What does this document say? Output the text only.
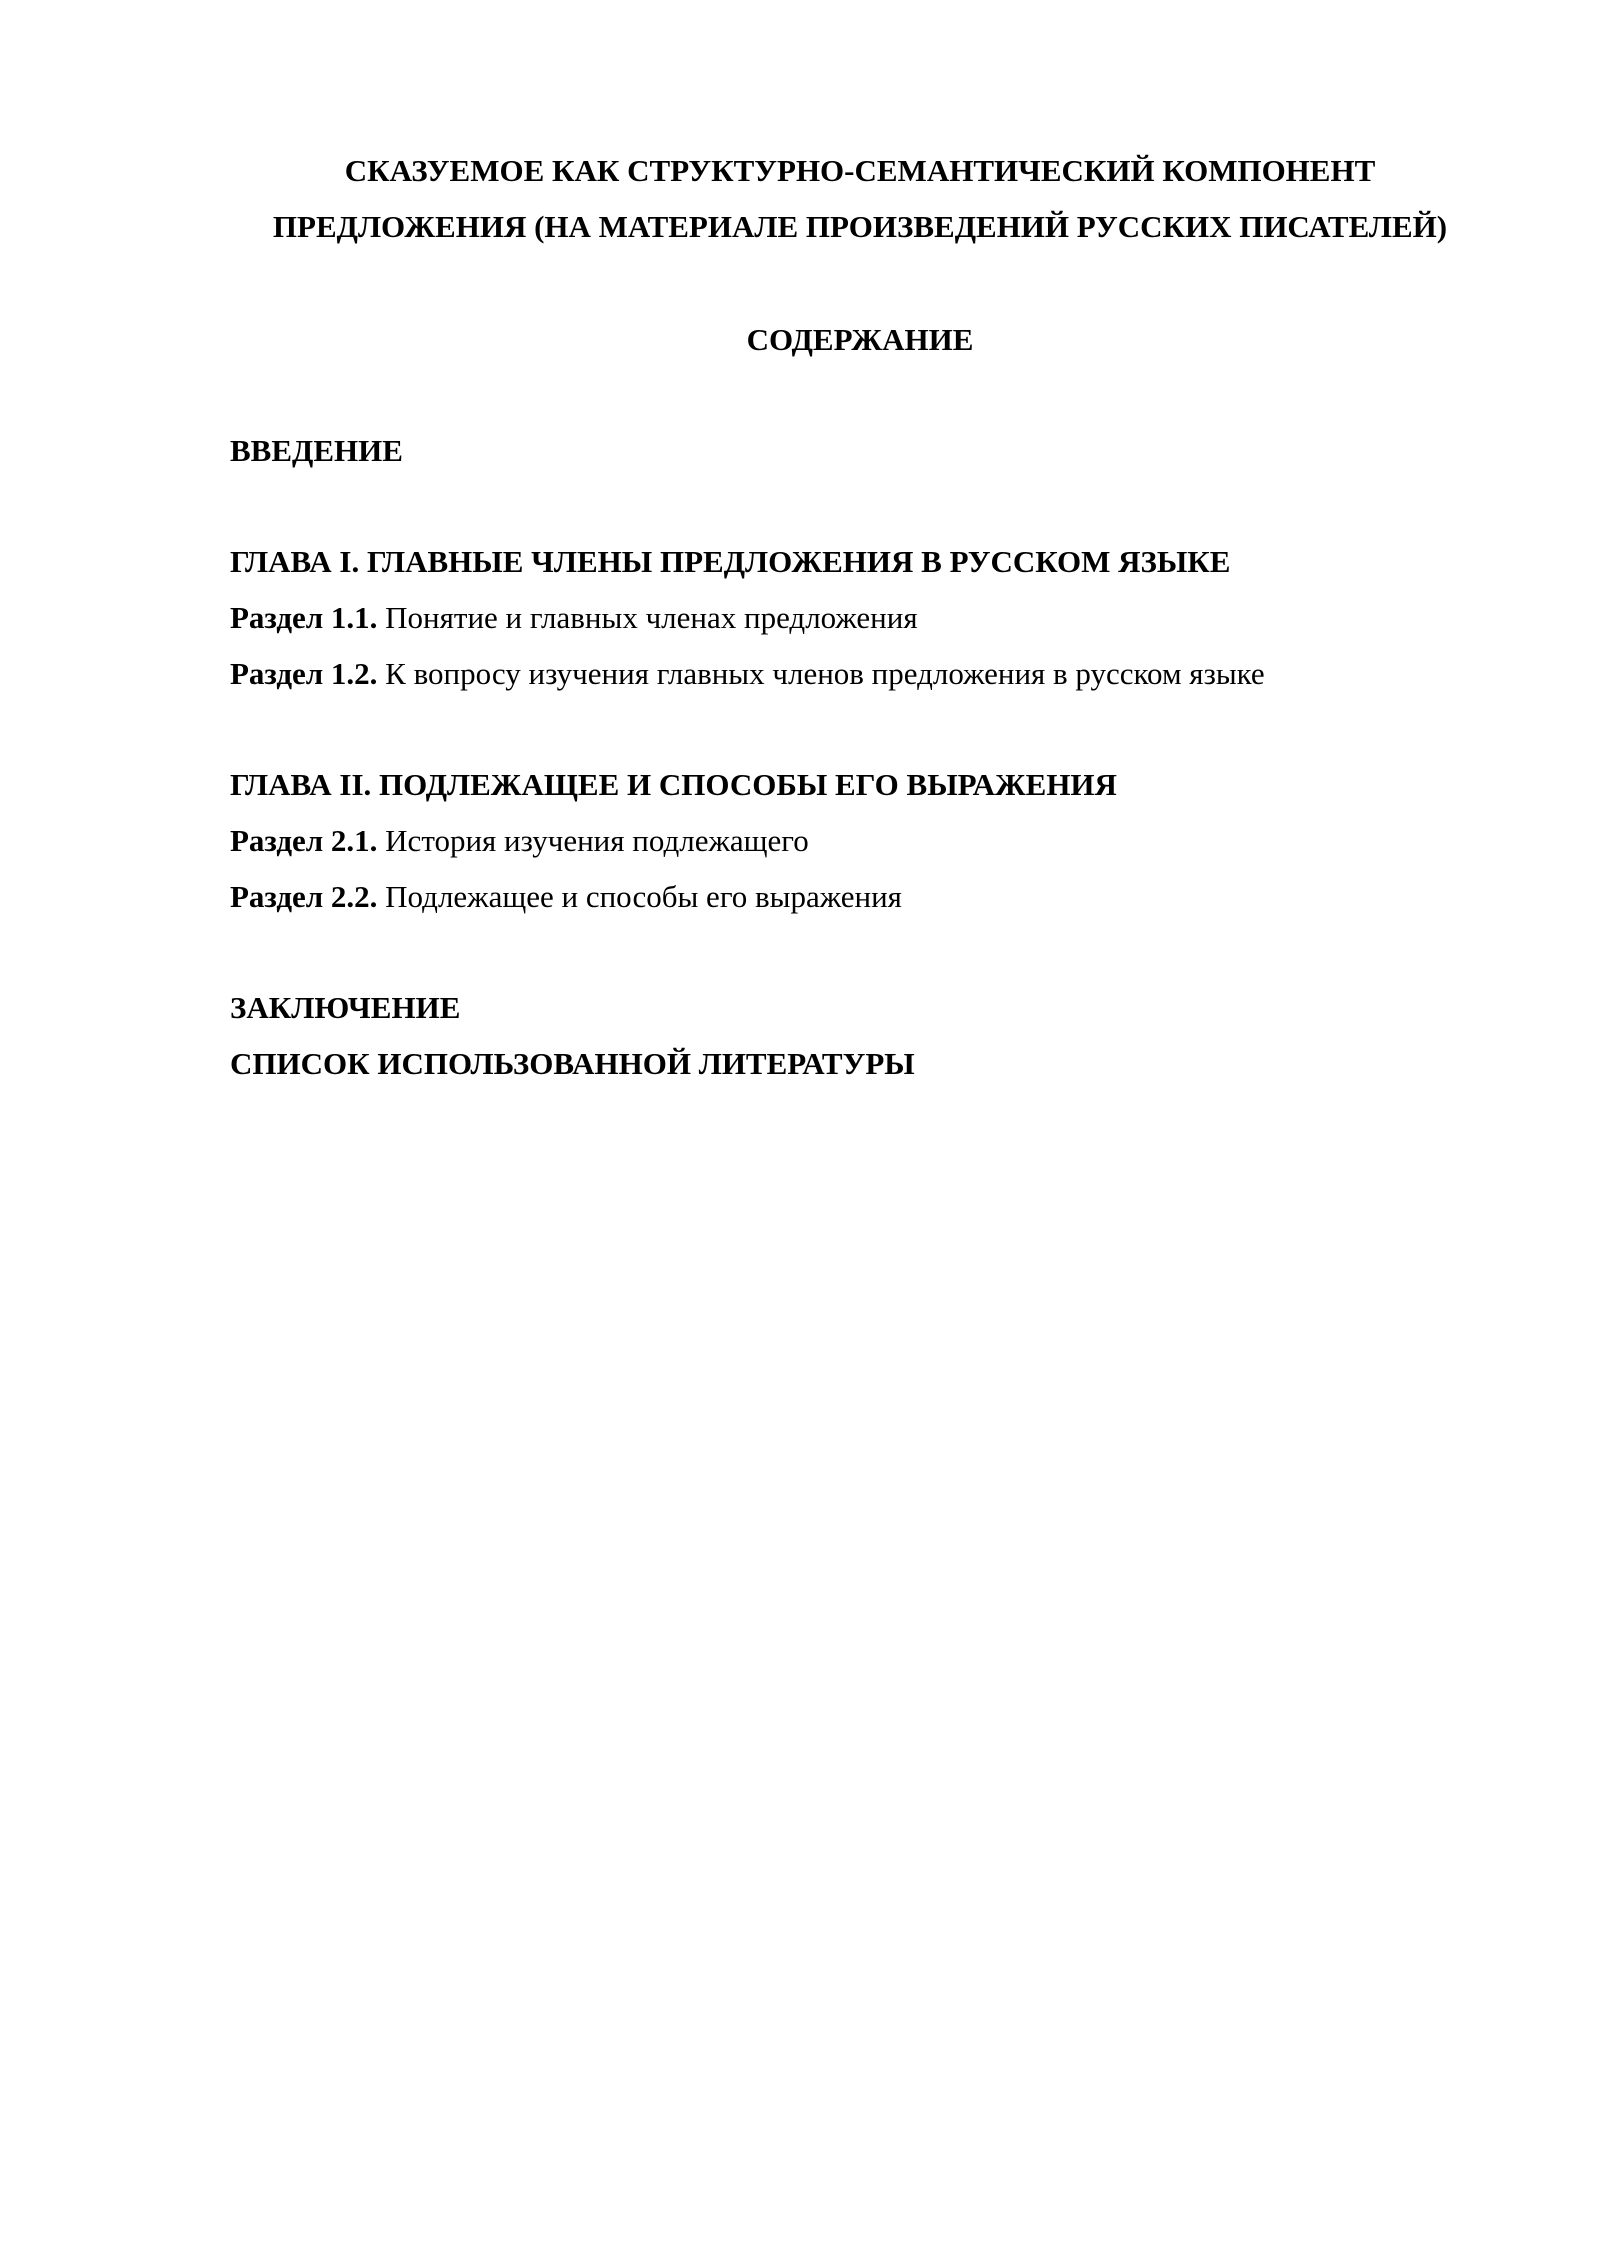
СКАЗУЕМОЕ КАК СТРУКТУРНО-СЕМАНТИЧЕСКИЙ КОМПОНЕНТ
ПРЕДЛОЖЕНИЯ (НА МАТЕРИАЛЕ ПРОИЗВЕДЕНИЙ РУССКИХ ПИСАТЕЛЕЙ)
СОДЕРЖАНИЕ

ВВЕДЕНИЕ

ГЛАВА I. ГЛАВНЫЕ ЧЛЕНЫ ПРЕДЛОЖЕНИЯ В РУССКОМ ЯЗЫКЕ

Раздел 1.1. Понятие и главных членах предложения

Раздел 1.2. К вопросу изучения главных членов предложения в русском языке

ГЛАВА II. ПОДЛЕЖАЩЕЕ И СПОСОБЫ ЕГО ВЫРАЖЕНИЯ

Раздел 2.1. История изучения подлежащего

Раздел 2.2. Подлежащее и способы его выражения

ЗАКЛЮЧЕНИЕ

СПИСОК ИСПОЛЬЗОВАННОЙ ЛИТЕРАТУРЫ
